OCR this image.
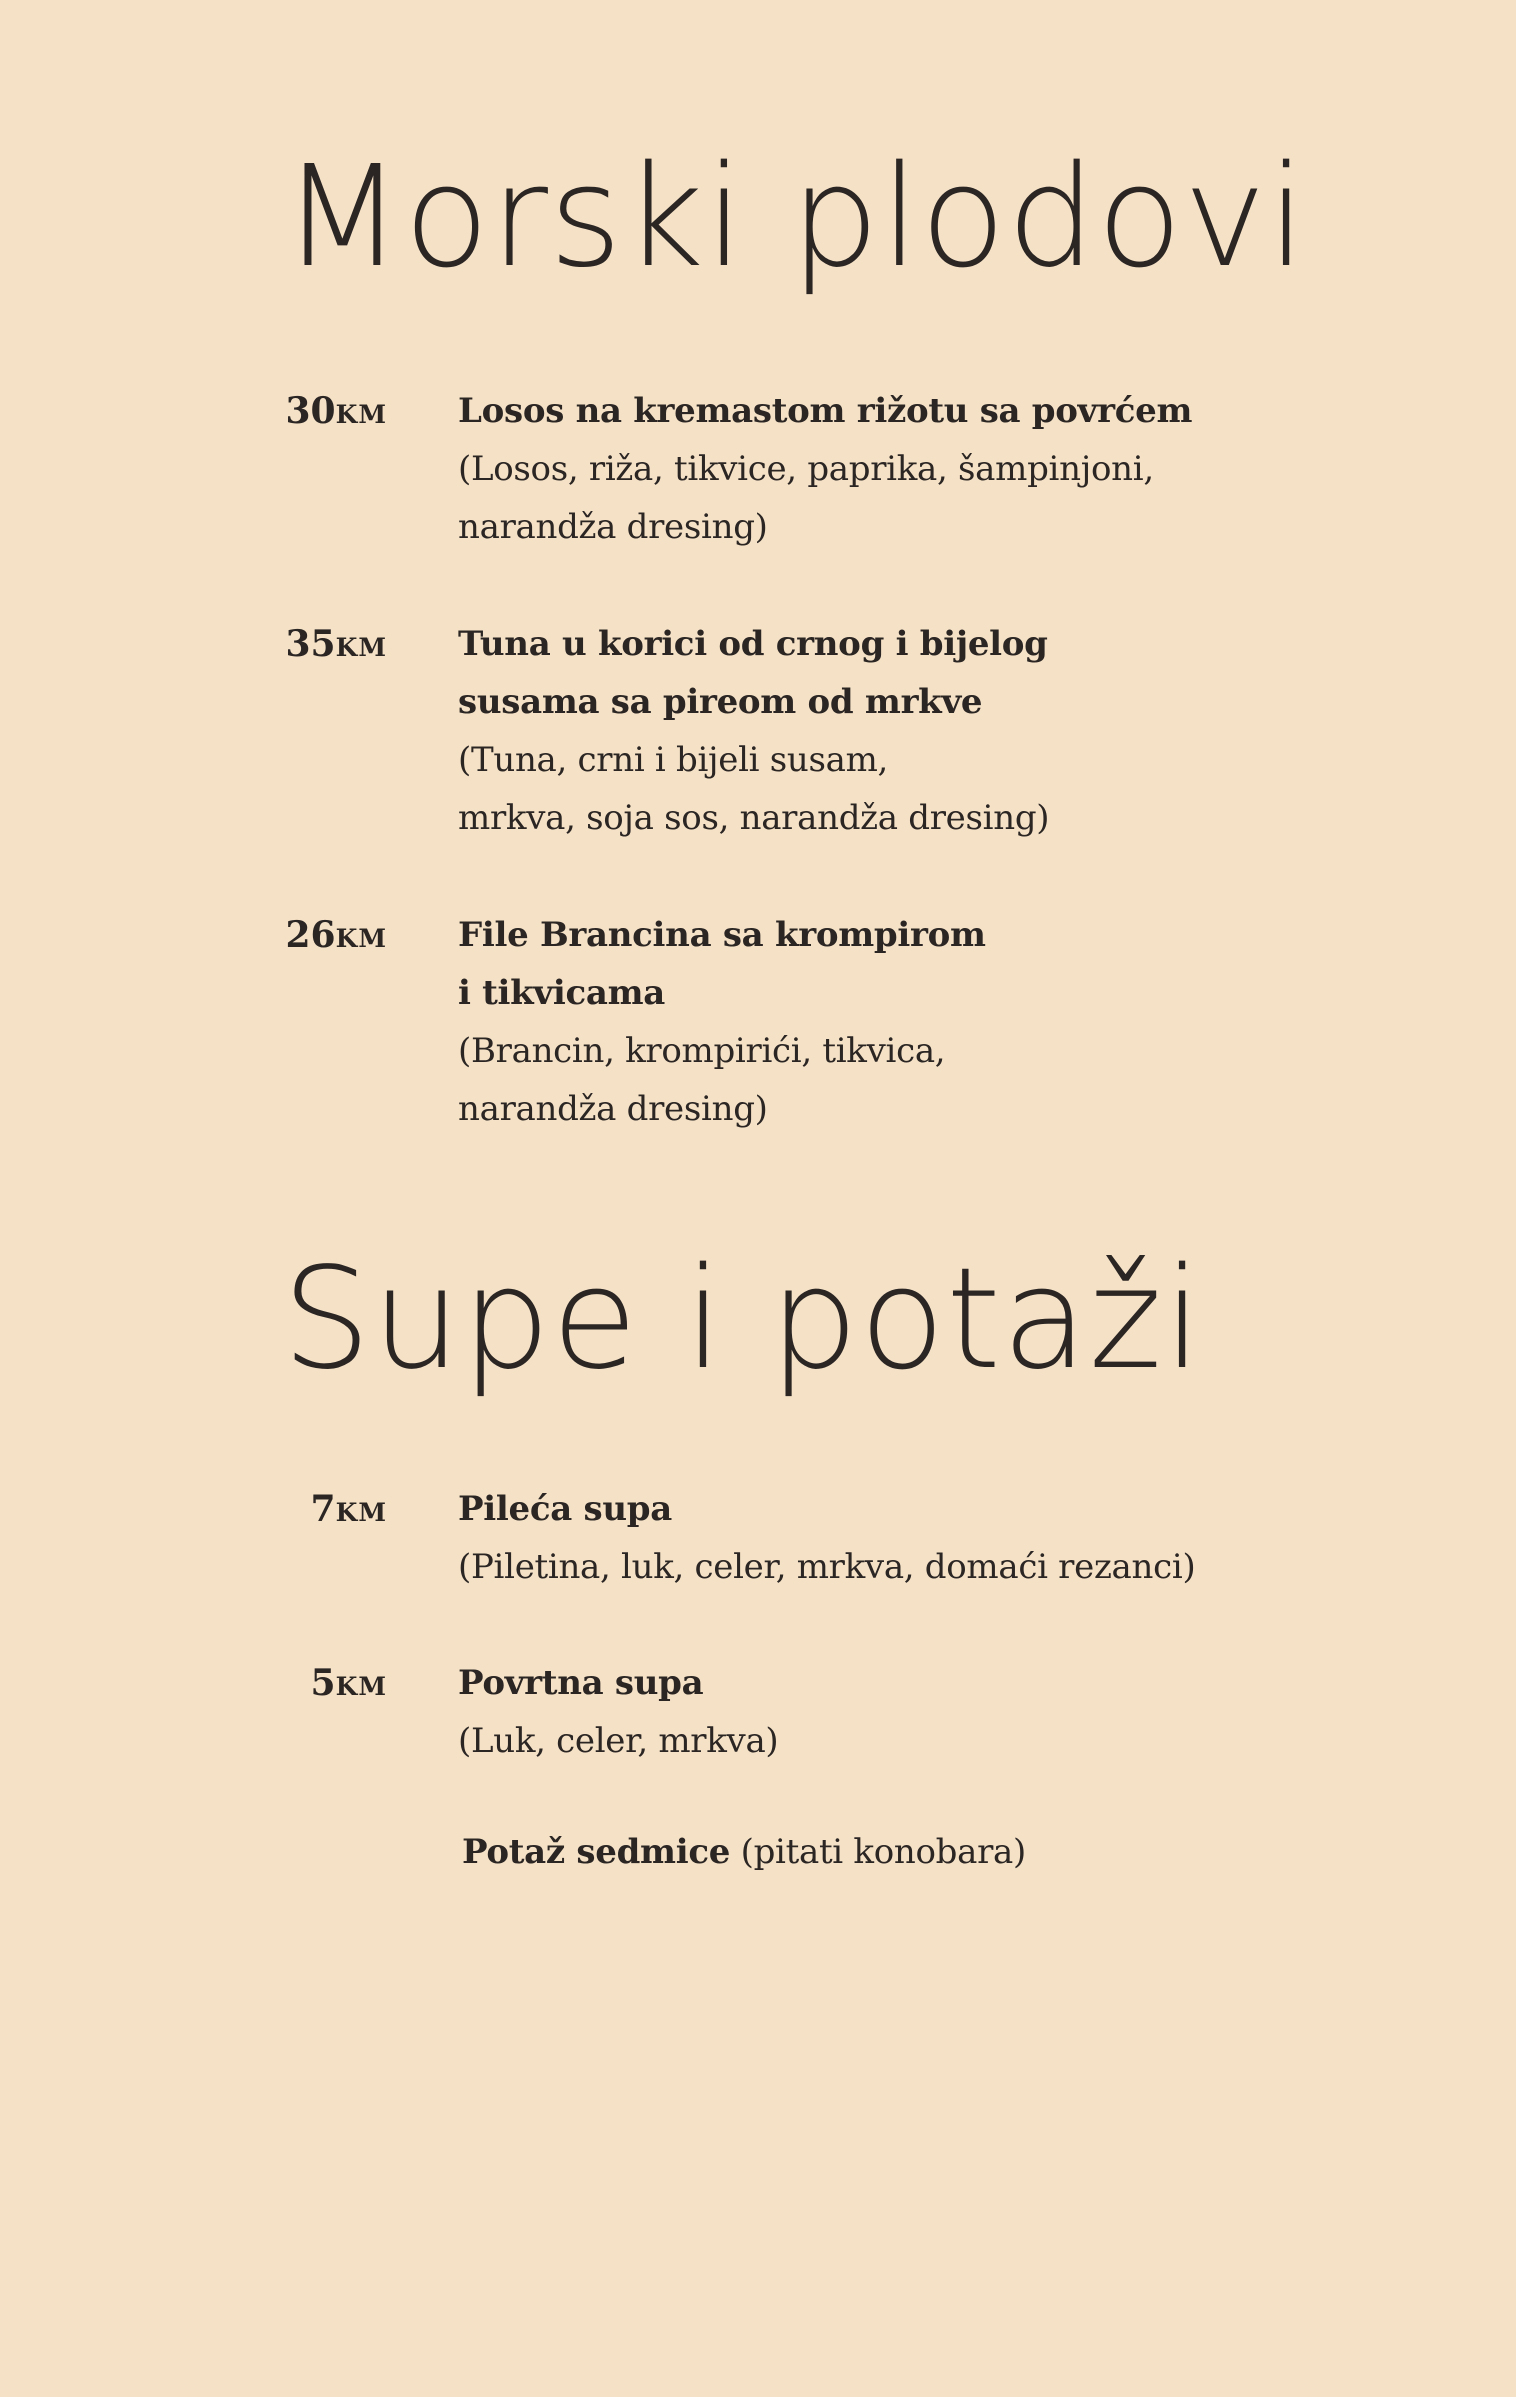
Morski plodovi
30KM Losos na kremastom rižotu sa povrćem
(Losos, riža, tikvice, paprika, šampinjoni,
narandža dresing)
35KM Tuna u korici od crnog i bijelog
susama sa pireom od mrkve
(Tuna, crni i bijeli susam,
mrkva, soja sos, narandža dresing)
26KM File Brancina sa krompirom
i tikvicama
(Brancin, krompirići, tikvica,
narandža dresing)
Supe i potaži
7KM Pileća supa
(Piletina, luk, celer, mrkva, domaći rezanci)
5KM Povrtna supa
(Luk, celer, mrkva)
Potaž sedmice (pitati konobara)
